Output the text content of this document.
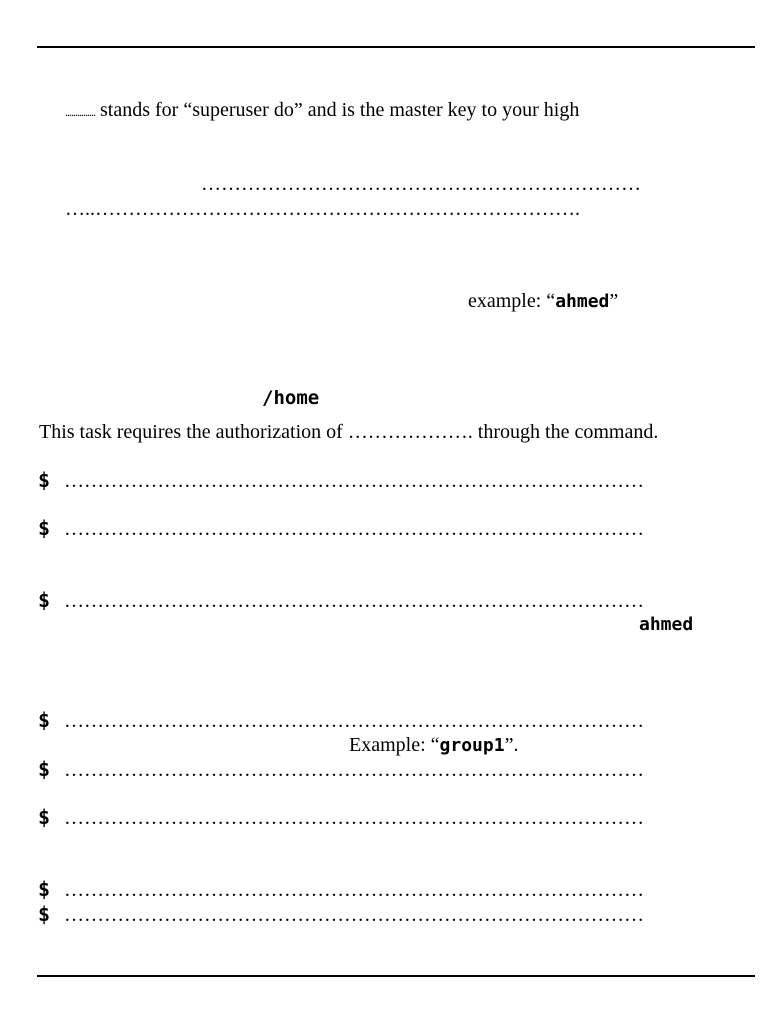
............... stands for “superuser do” and is the master key to your high
…………………………………………………………
…..……………………………………………………………….
example: “ahmed”
/home
This task requires the authorization of ………………. through the command.
$ ……………………………………………………………………………
$ ……………………………………………………………………………
$ ……………………………………………………………………………
ahmed
$ ……………………………………………………………………………
Example: “group1”.
$ ……………………………………………………………………………
$ ……………………………………………………………………………
$ ……………………………………………………………………………
$ ……………………………………………………………………………
